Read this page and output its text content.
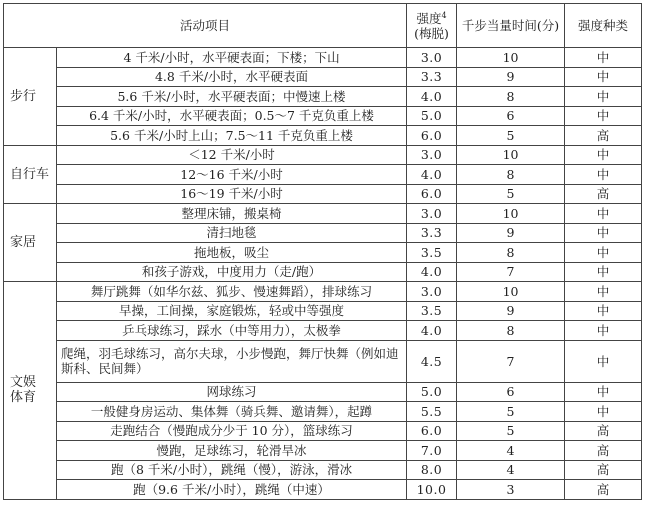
活动项目		强度$^4$
(梅脱)	千步当量时间(分)	强度种类
步行	4 千米/小时，水平硬表面；下楼；下山	3.0	10	中
	4.8 千米/小时，水平硬表面	3.3	9	中
	5.6 千米/小时，水平硬表面；中慢速上楼	4.0	8	中
	6.4 千米/小时，水平硬表面；0.5～7 千克负重上楼	5.0	6	中
	5.6 千米/小时上山；7.5～11 千克负重上楼	6.0	5	高
自行车	＜12 千米/小时	3.0	10	中
	12～16 千米/小时	4.0	8	中
	16～19 千米/小时	6.0	5	高
家居	整理床铺，搬桌椅	3.0	10	中
	清扫地毯	3.3	9	中
	拖地板，吸尘	3.5	8	中
	和孩子游戏，中度用力（走/跑）	4.0	7	中

文娱
体育	舞厅跳舞（如华尔兹、狐步、慢速舞蹈），排球练习	3.0	10	中
	早操，工间操，家庭锻炼，轻或中等强度	3.5	9	中
	乒乓球练习，踩水（中等用力），太极拳	4.0	8	中
	爬绳，羽毛球练习，高尔夫球，小步慢跑，舞厅快舞（例如迪斯科、民间舞）	4.5	7	中
	网球练习	5.0	6	中
	一般健身房运动、集体舞（骑兵舞、邀请舞），起蹲	5.5	5	中
	走跑结合（慢跑成分少于 10 分），篮球练习	6.0	5	高
	慢跑，足球练习，轮滑旱冰	7.0	4	高
	跑（8 千米/小时），跳绳（慢），游泳，滑冰	8.0	4	高
	跑（9.6 千米/小时），跳绳（中速）	10.0	3	高
